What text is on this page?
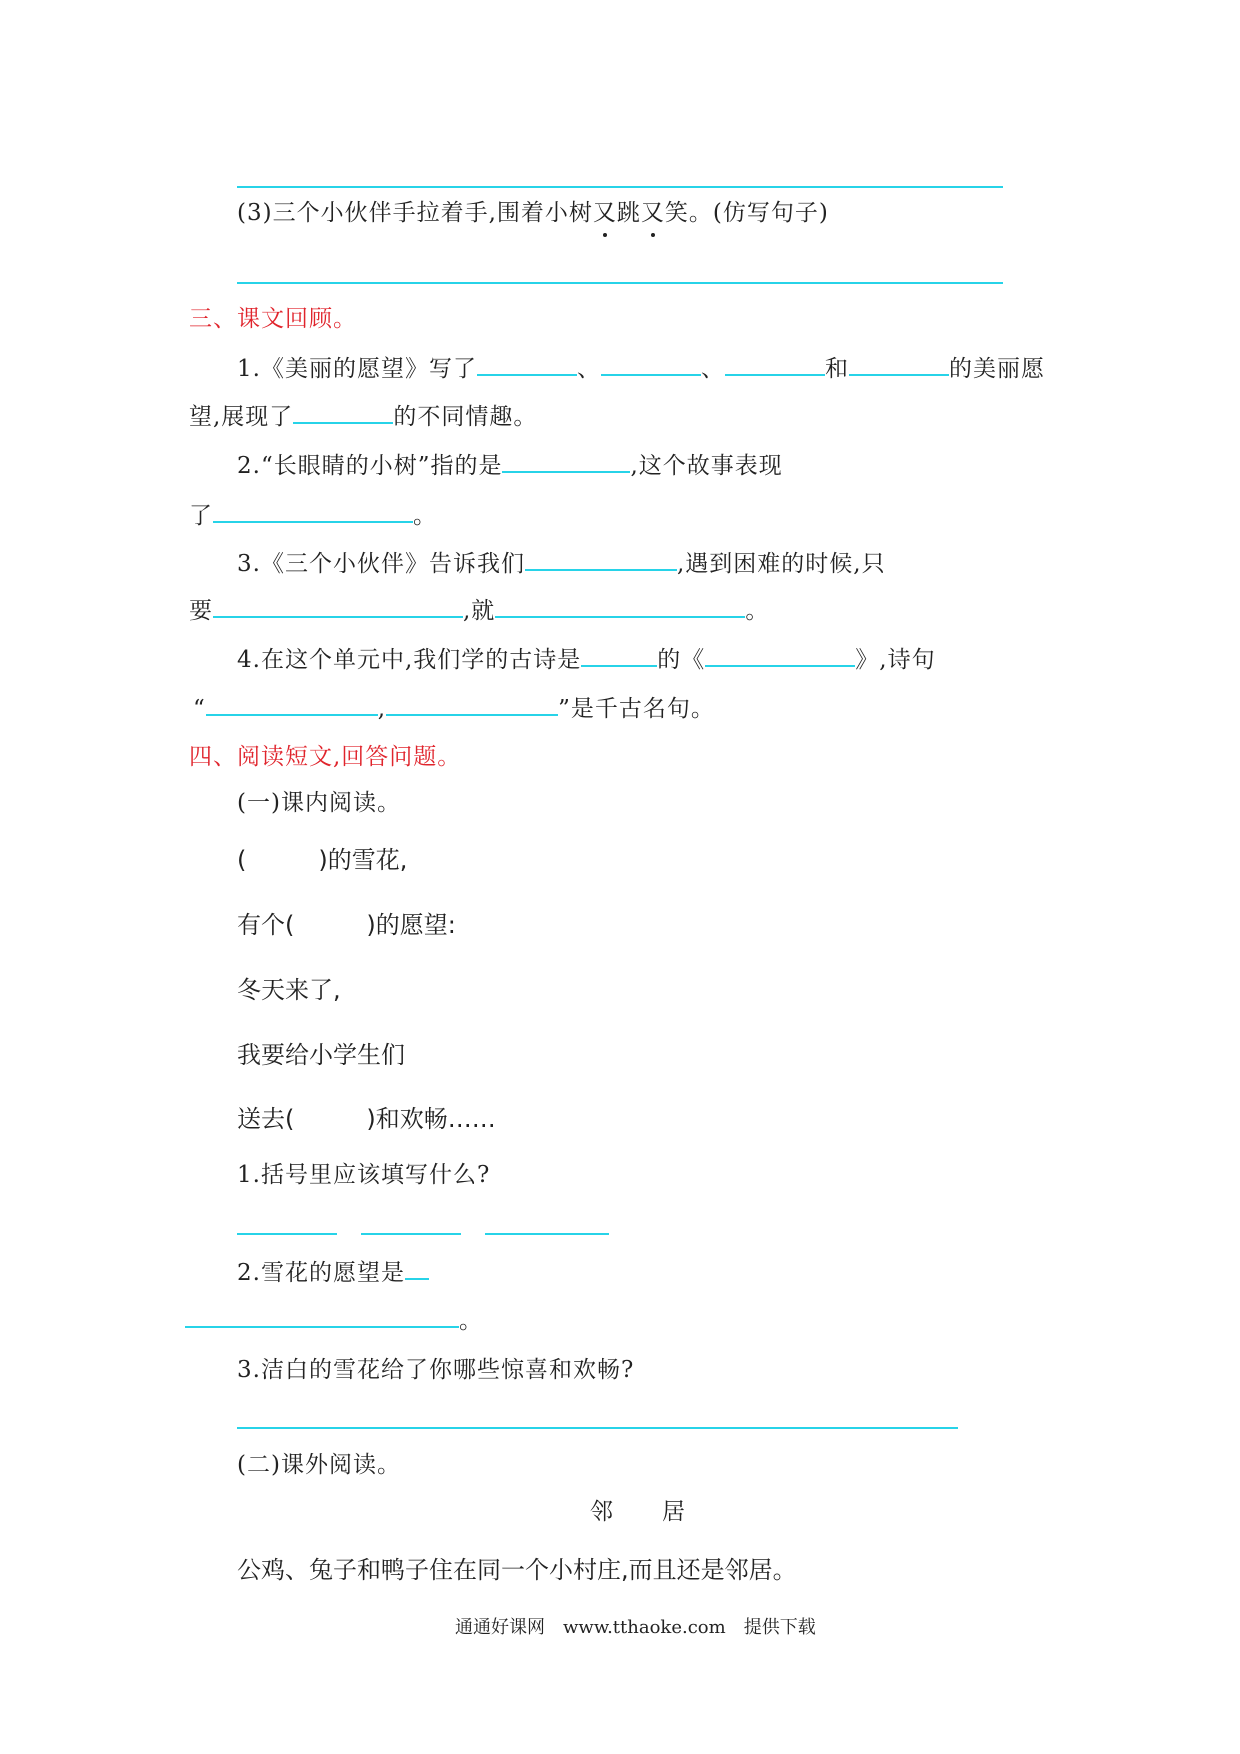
(3)三个小伙伴手拉着手,围着小树又跳又笑。(仿写句子)
三、课文回顾。
1.《美丽的愿望》写了	、	、	和	的美丽愿
望,展现了	的不同情趣。
2.“长眼睛的小树”指的是	,这个故事表现
了	。
3.《三个小伙伴》告诉我们	,遇到困难的时候,只
要	,就	。
4.在这个单元中,我们学的古诗是	的《	》,诗句
“	,	”是千古名句。
四、阅读短文,回答问题。
(一)课内阅读。
(	)的雪花,
有个(	)的愿望:
冬天来了,
我要给小学生们
送去(	)和欢畅……
1.括号里应该填写什么?
2.雪花的愿望是
。
3.洁白的雪花给了你哪些惊喜和欢畅?
(二)课外阅读。
邻　　居
公鸡、兔子和鸭子住在同一个小村庄,而且还是邻居。
通通好课网　www.tthaoke.com　提供下载
